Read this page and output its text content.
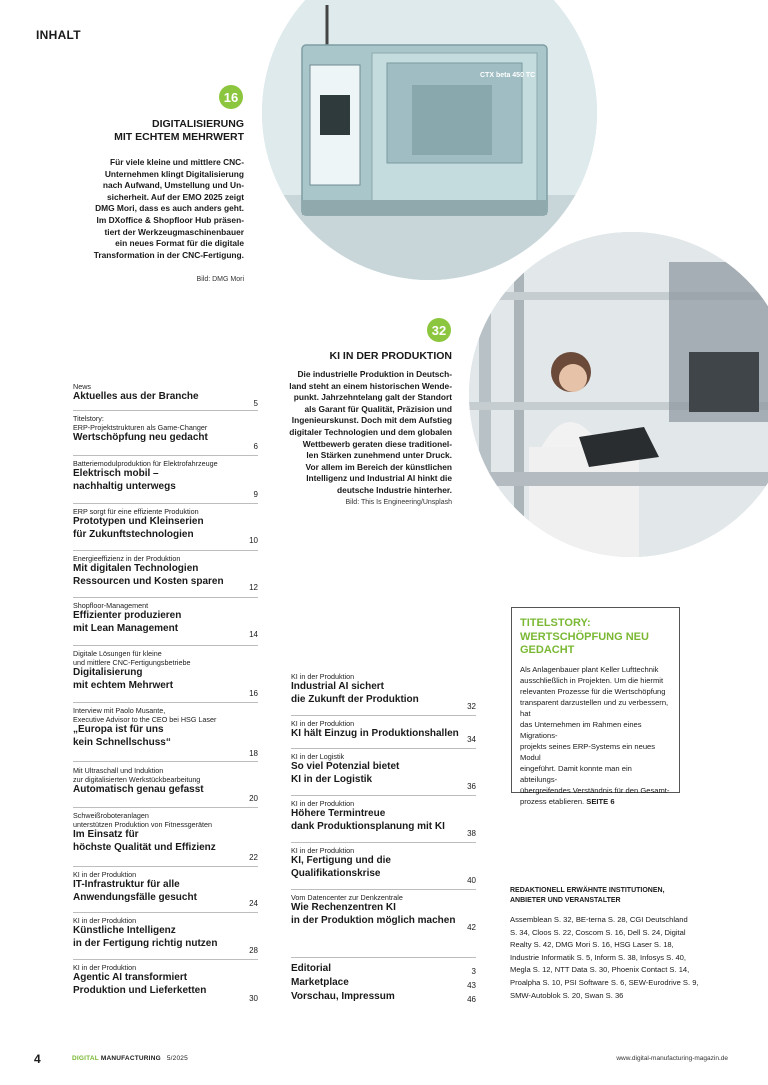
INHALT
CTX beta 450 TC
16
DIGITALISIERUNG
MIT ECHTEM MEHRWERT
Für viele kleine und mittlere CNC-
Unternehmen klingt Digitalisierung
nach Aufwand, Umstellung und Un-
sicherheit. Auf der EMO 2025 zeigt
DMG Mori, dass es auch anders geht.
Im DXoffice & Shopfloor Hub präsen-
tiert der Werkzeugmaschinenbauer
ein neues Format für die digitale
Transformation in der CNC-Fertigung.
Bild: DMG Mori
32
KI IN DER PRODUKTION
Die industrielle Produktion in Deutsch-
land steht an einem historischen Wende-
punkt. Jahrzehntelang galt der Standort
als Garant für Qualität, Präzision und
Ingenieurskunst. Doch mit dem Aufstieg
digitaler Technologien und dem globalen
Wettbewerb geraten diese traditionel-
len Stärken zunehmend unter Druck.
Vor allem im Bereich der künstlichen
Intelligenz und Industrial AI hinkt die
deutsche Industrie hinterher.
Bild: This Is Engineering/Unsplash
News
Aktuelles aus der Branche
5
Titelstory:
ERP-Projektstrukturen als Game-Changer
Wertschöpfung neu gedacht
6
Batteriemodulproduktion für Elektrofahrzeuge
Elektrisch mobil –
nachhaltig unterwegs
9
ERP sorgt für eine effiziente Produktion
Prototypen und Kleinserien
für Zukunftstechnologien
10
Energieeffizienz in der Produktion
Mit digitalen Technologien
Ressourcen und Kosten sparen
12
Shopfloor-Management
Effizienter produzieren
mit Lean Management
14
Digitale Lösungen für kleine
und mittlere CNC-Fertigungsbetriebe
Digitalisierung
mit echtem Mehrwert
16
Interview mit Paolo Musante,
Executive Advisor to the CEO bei HSG Laser
„Europa ist für uns
kein Schnellschuss“
18
Mit Ultraschall und Induktion
zur digitalisierten Werkstückbearbeitung
Automatisch genau gefasst
20
Schweißroboteranlagen
unterstützen Produktion von Fitnessgeräten
Im Einsatz für
höchste Qualität und Effizienz
22
KI in der Produktion
IT-Infrastruktur für alle
Anwendungsfälle gesucht
24
KI in der Produktion
Künstliche Intelligenz
in der Fertigung richtig nutzen
28
KI in der Produktion
Agentic AI transformiert
Produktion und Lieferketten
30
KI in der Produktion
Industrial AI sichert
die Zukunft der Produktion
32
KI in der Produktion
KI hält Einzug in Produktionshallen
34
KI in der Logistik
So viel Potenzial bietet
KI in der Logistik
36
KI in der Produktion
Höhere Termintreue
dank Produktionsplanung mit KI
38
KI in der Produktion
KI, Fertigung und die
Qualifikationskrise
40
Vom Datencenter zur Denkzentrale
Wie Rechenzentren KI
in der Produktion möglich machen
42
Editorial	3
Marketplace	43
Vorschau, Impressum	46
TITELSTORY:
WERTSCHÖPFUNG NEU GEDACHT
Als Anlagenbauer plant Keller Lufttechnik
ausschließlich in Projekten. Um die hiermit
relevanten Prozesse für die Wertschöpfung
transparent darzustellen und zu verbessern, hat
das Unternehmen im Rahmen eines Migrations-
projekts seines ERP-Systems ein neues Modul
eingeführt. Damit konnte man ein abteilungs-
übergreifendes Verständnis für den Gesamt-
prozess etablieren. SEITE 6
REDAKTIONELL ERWÄHNTE INSTITUTIONEN,
ANBIETER UND VERANSTALTER
Assemblean S. 32, BE-terna S. 28, CGI Deutschland
S. 34, Cloos S. 22, Coscom S. 16, Dell S. 24, Digital
Realty S. 42, DMG Mori S. 16, HSG Laser S. 18,
Industrie Informatik S. 5, Inform S. 38, Infosys S. 40,
Megla S. 12, NTT Data S. 30, Phoenix Contact S. 14,
Proalpha S. 10, PSI Software S. 6, SEW-Eurodrive S. 9,
SMW-Autoblok S. 20, Swan S. 36
4	DIGITAL MANUFACTURING 5/2025	www.digital-manufacturing-magazin.de
